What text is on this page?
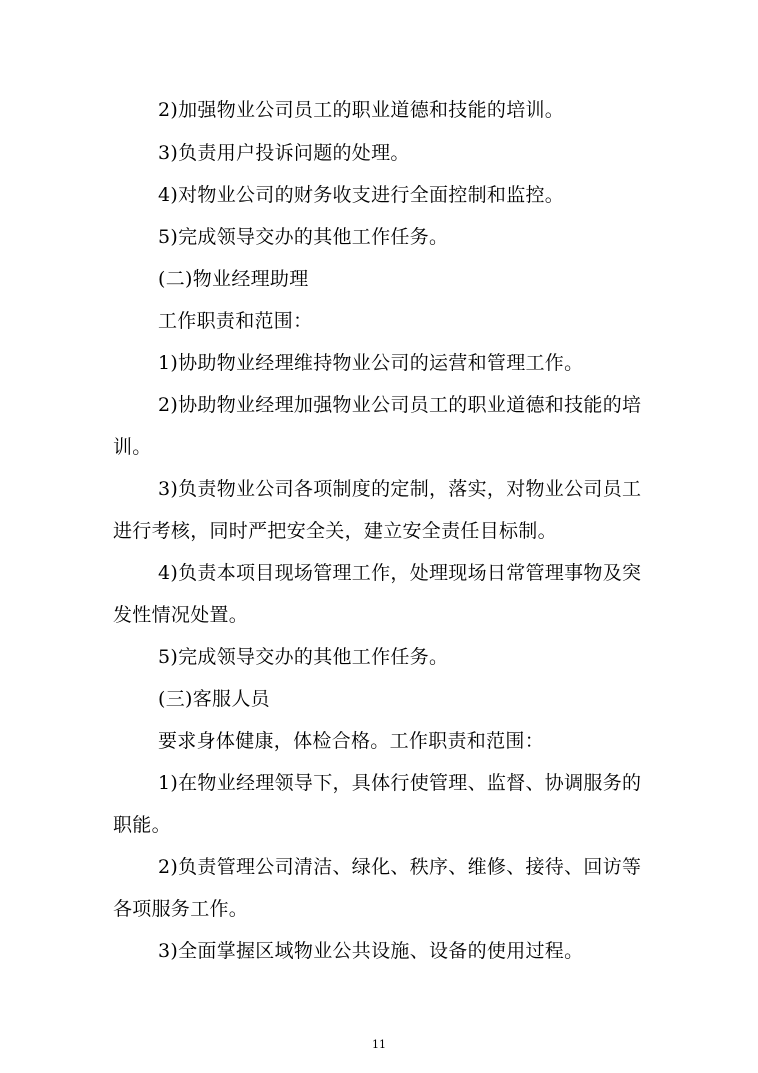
2)加强物业公司员工的职业道德和技能的培训。
3)负责用户投诉问题的处理。
4)对物业公司的财务收支进行全面控制和监控。
5)完成领导交办的其他工作任务。
(二)物业经理助理
工作职责和范围：
1)协助物业经理维持物业公司的运营和管理工作。
2)协助物业经理加强物业公司员工的职业道德和技能的培
训。
3)负责物业公司各项制度的定制，落实，对物业公司员工
进行考核，同时严把安全关，建立安全责任目标制。
4)负责本项目现场管理工作，处理现场日常管理事物及突
发性情况处置。
5)完成领导交办的其他工作任务。
(三)客服人员
要求身体健康，体检合格。工作职责和范围：
1)在物业经理领导下，具体行使管理、监督、协调服务的
职能。
2)负责管理公司清洁、绿化、秩序、维修、接待、回访等
各项服务工作。
3)全面掌握区域物业公共设施、设备的使用过程。
11
